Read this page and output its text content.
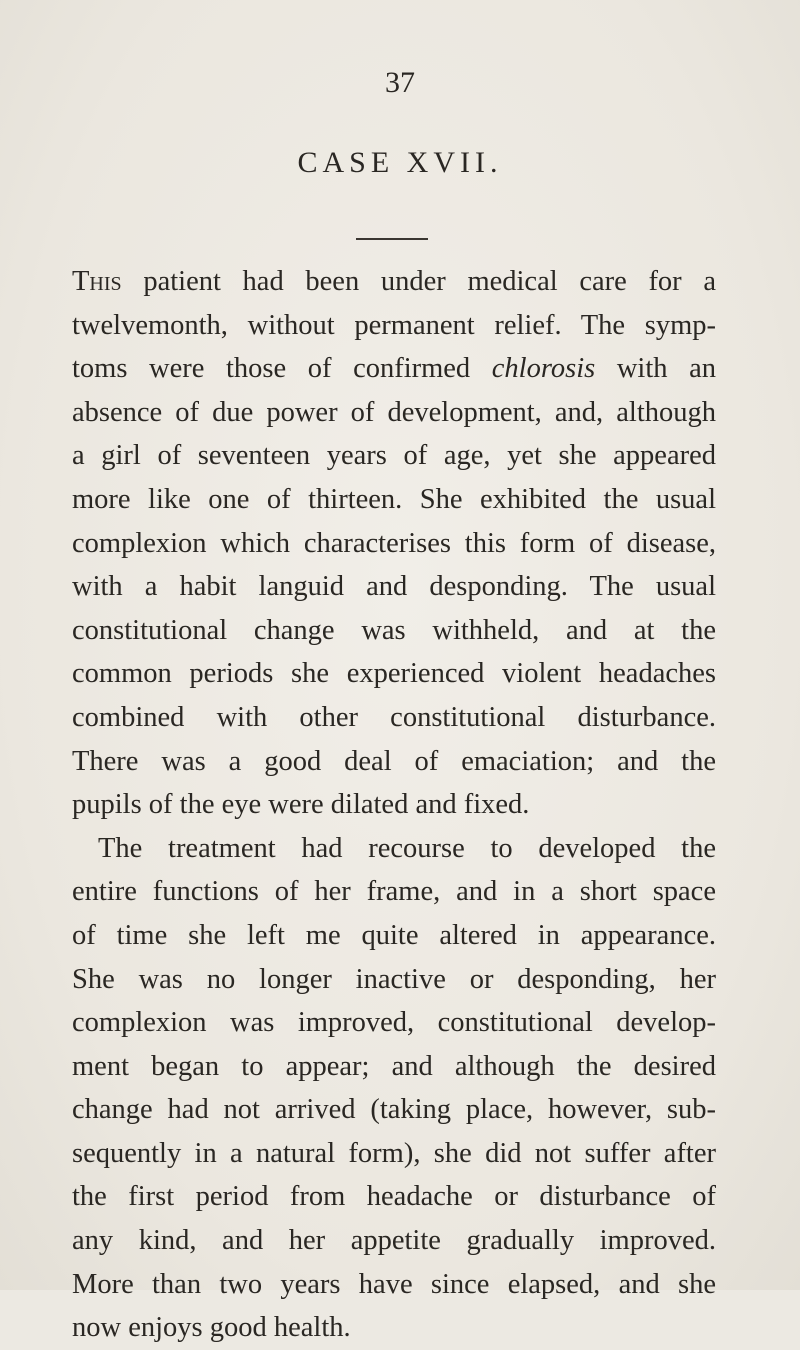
37
CASE XVII.
This patient had been under medical care for a
twelvemonth, without permanent relief. The symp-
toms were those of confirmed chlorosis with an
absence of due power of development, and, although
a girl of seventeen years of age, yet she appeared
more like one of thirteen. She exhibited the usual
complexion which characterises this form of disease,
with a habit languid and desponding. The usual
constitutional change was withheld, and at the
common periods she experienced violent headaches
combined with other constitutional disturbance.
There was a good deal of emaciation; and the
pupils of the eye were dilated and fixed.
The treatment had recourse to developed the
entire functions of her frame, and in a short space
of time she left me quite altered in appearance.
She was no longer inactive or desponding, her
complexion was improved, constitutional develop-
ment began to appear; and although the desired
change had not arrived (taking place, however, sub-
sequently in a natural form), she did not suffer after
the first period from headache or disturbance of
any kind, and her appetite gradually improved.
More than two years have since elapsed, and she
now enjoys good health.
